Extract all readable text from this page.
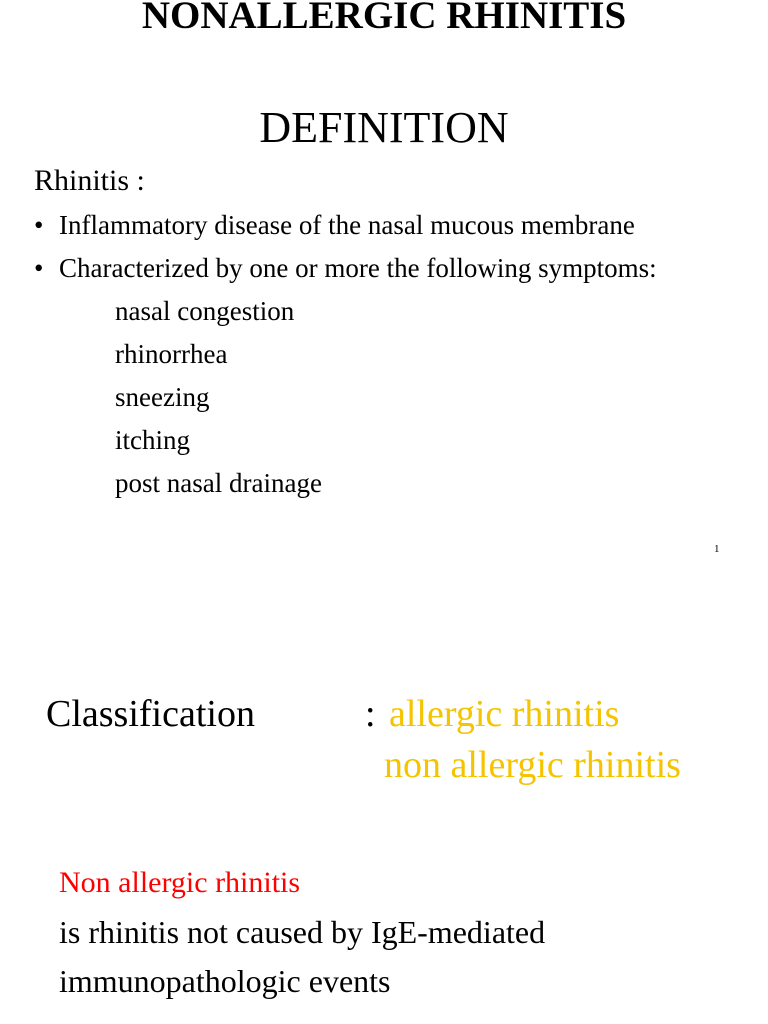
NONALLERGIC RHINITIS
DEFINITION
Rhinitis :
• Inflammatory disease of the nasal mucous membrane
• Characterized by one or more the following symptoms:
nasal congestion
rhinorrhea
sneezing
itching
post nasal drainage
1
Classification	: allergic rhinitis
non allergic rhinitis
Non allergic rhinitis
is rhinitis not caused by IgE-mediated
immunopathologic events
